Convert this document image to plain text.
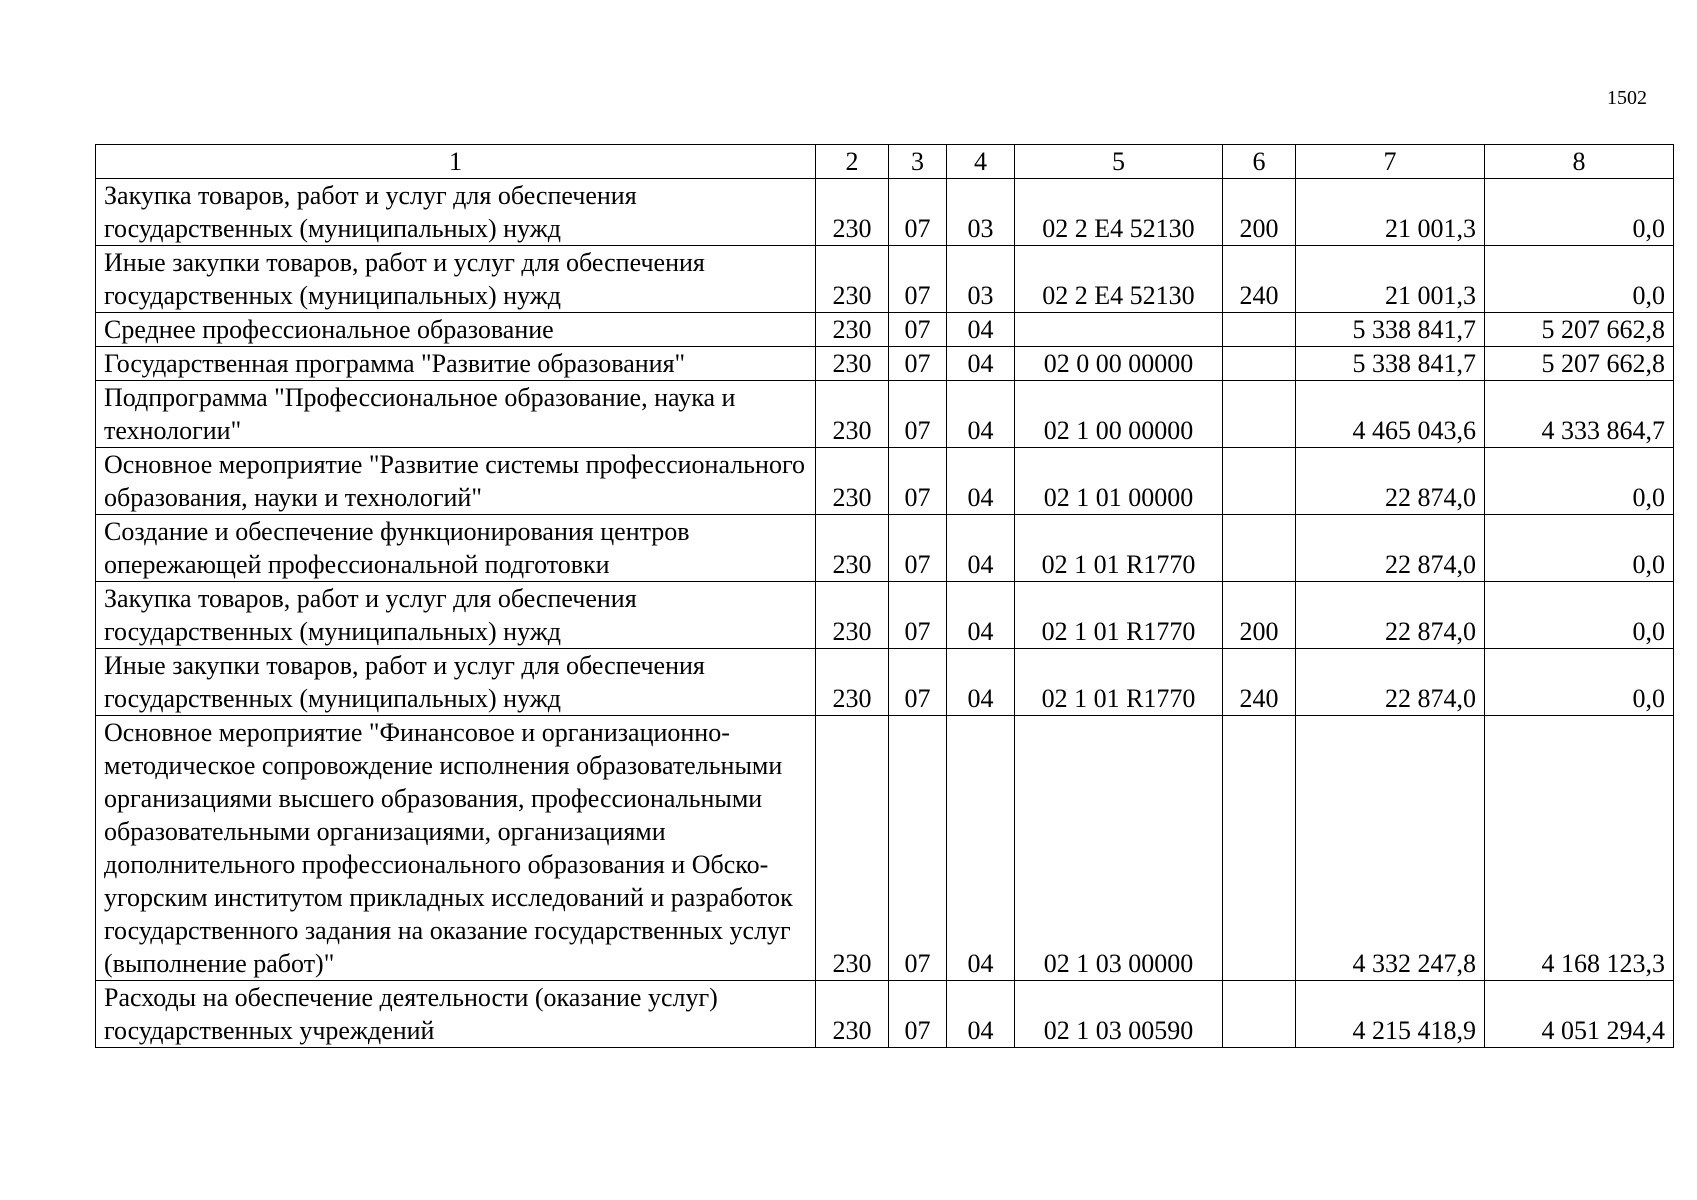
1502
1	2	3	4	5	6	7	8
Закупка товаров, работ и услуг для обеспечения государственных (муниципальных) нужд	230	07	03	02 2 E4 52130	200	21 001,3	0,0
Иные закупки товаров, работ и услуг для обеспечения государственных (муниципальных) нужд	230	07	03	02 2 E4 52130	240	21 001,3	0,0
Среднее профессиональное образование	230	07	04			5 338 841,7	5 207 662,8
Государственная программа "Развитие образования"	230	07	04	02 0 00 00000		5 338 841,7	5 207 662,8
Подпрограмма "Профессиональное образование, наука и технологии"	230	07	04	02 1 00 00000		4 465 043,6	4 333 864,7
Основное мероприятие "Развитие системы профессионального образования, науки и технологий"	230	07	04	02 1 01 00000		22 874,0	0,0
Создание и обеспечение функционирования центров опережающей профессиональной подготовки	230	07	04	02 1 01 R1770		22 874,0	0,0
Закупка товаров, работ и услуг для обеспечения государственных (муниципальных) нужд	230	07	04	02 1 01 R1770	200	22 874,0	0,0
Иные закупки товаров, работ и услуг для обеспечения государственных (муниципальных) нужд	230	07	04	02 1 01 R1770	240	22 874,0	0,0
Основное мероприятие "Финансовое и организационно-методическое сопровождение исполнения образовательными организациями высшего образования, профессиональными образовательными организациями, организациями дополнительного профессионального образования и Обско-угорским институтом прикладных исследований и разработок государственного задания на оказание государственных услуг (выполнение работ)"	230	07	04	02 1 03 00000		4 332 247,8	4 168 123,3
Расходы на обеспечение деятельности (оказание услуг) государственных учреждений	230	07	04	02 1 03 00590		4 215 418,9	4 051 294,4
